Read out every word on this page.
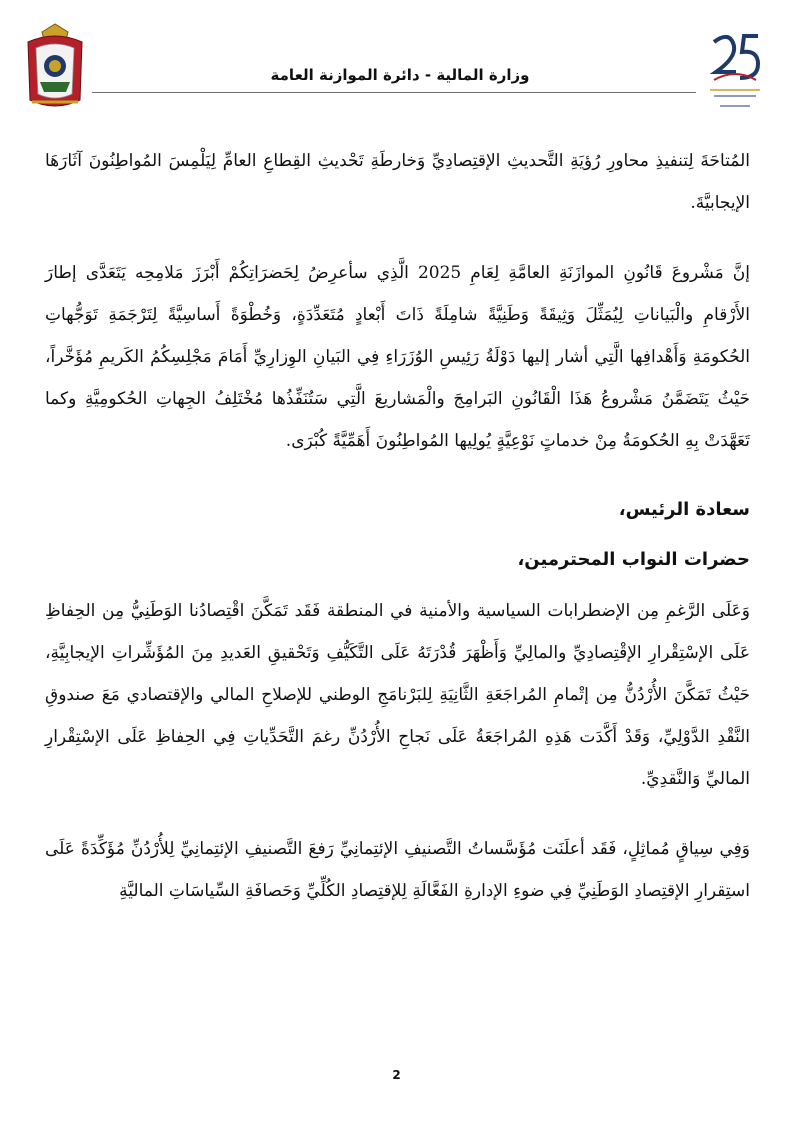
وزارة المالية - دائرة الموازنة العامة

المُتاحَةَ لِتنفيذِ محاورِ رُؤيَةِ التَّحديثِ الإقتِصادِيِّ وَخارطَةِ تَحْديثِ القِطاعِ العامِّ لِيَلْمِسَ المُواطِنُونَ آثَارَهَا الإيجابيَّةَ.

إنَّ مَشْروعَ قَانُونِ الموازَنَةِ العامَّةِ لِعَامِ 2025 الَّذِي سأعرِضُ لِحَضرَاتِكُمْ أَبْرَزَ مَلامِحِه يَتَعَدَّى إطارَ الأَرْقامِ والْبَياناتِ لِيُمَثِّلَ وَثِيقَةً وَطَنِيَّةً شامِلَةً ذَاتَ أَبْعادٍ مُتَعَدِّدَةٍ، وَخُطْوَةً أَساسِيَّةً لِتَرْجَمَةِ تَوَجُّهاتِ الحُكومَةِ وَأَهْدافِها الَّتِي أشار إليها دَوْلَةُ رَئِيسِ الوُزَرَاءِ فِي البَيانِ الوِزارِيِّ أَمَامَ مَجْلِسِكُمُ الكَريمِ مُؤَخَّراً، حَيْثُ يَتَضَمَّنُ مَشْروعُ هَذَا الْقَانُونِ البَرامِجَ والْمَشاريعَ الَّتِي سَتُنَفِّذُها مُخْتَلِفُ الجِهاتِ الحُكومِيَّةِ وكما تَعَهَّدَتْ بِهِ الحُكومَةُ مِنْ خدماتٍ نَوْعِيَّةٍ يُولِيها المُواطِنُونَ أَهَمِّيَّةً كُبْرَى.

سعادة الرئيس،
حضرات النواب المحترمين،

وَعَلَى الرَّغمِ مِن الإضطرابات السياسية والأمنية في المنطقة فَقَد تَمَكَّنَ اقْتِصادُنا الوَطَنِيُّ مِن الحِفاظِ عَلَى الإسْتِقْرارِ الإقْتِصادِيِّ والمالِيِّ وَأَظْهَرَ قُدْرَتَهُ عَلَى التَّكَيُّفِ وَتَحْقيقِ العَديدِ مِنَ المُؤَشِّراتِ الإيجابِيَّةِ، حَيْثُ تَمَكَّنَ الأُرْدُنُّ مِن إتْمامِ المُراجَعَةِ الثَّانِيَةِ لِلبَرْنامَجِ الوطني للإصلاحِ المالي والإقتصادي مَعَ صندوقِ النَّقْدِ الدَّوْلِيِّ، وَقَدْ أَكَّدَت هَذِهِ المُراجَعَةُ عَلَى نَجاحِ الأُرْدُنِّ رغمَ التَّحَدِّياتِ فِي الحِفاظِ عَلَى الإسْتِقْرارِ الماليِّ وَالنَّقدِيِّ.

وَفِي سِياقٍ مُماثِلٍ، فَقَد أعلَنَت مُؤَسَّساتُ التَّصنيفِ الإئتِمانِيِّ رَفعَ التَّصنيفِ الإئتِمانِيِّ لِلأُرْدُنِّ مُؤَكِّدَةً عَلَى استِقرارِ الإقتِصادِ الوَطَنِيِّ فِي ضوءِ الإدارةِ الفَعَّالَةِ لِلإقتِصادِ الكُلِّيِّ وَحَصافَةِ السِّياسَاتِ الماليَّةِ

2
